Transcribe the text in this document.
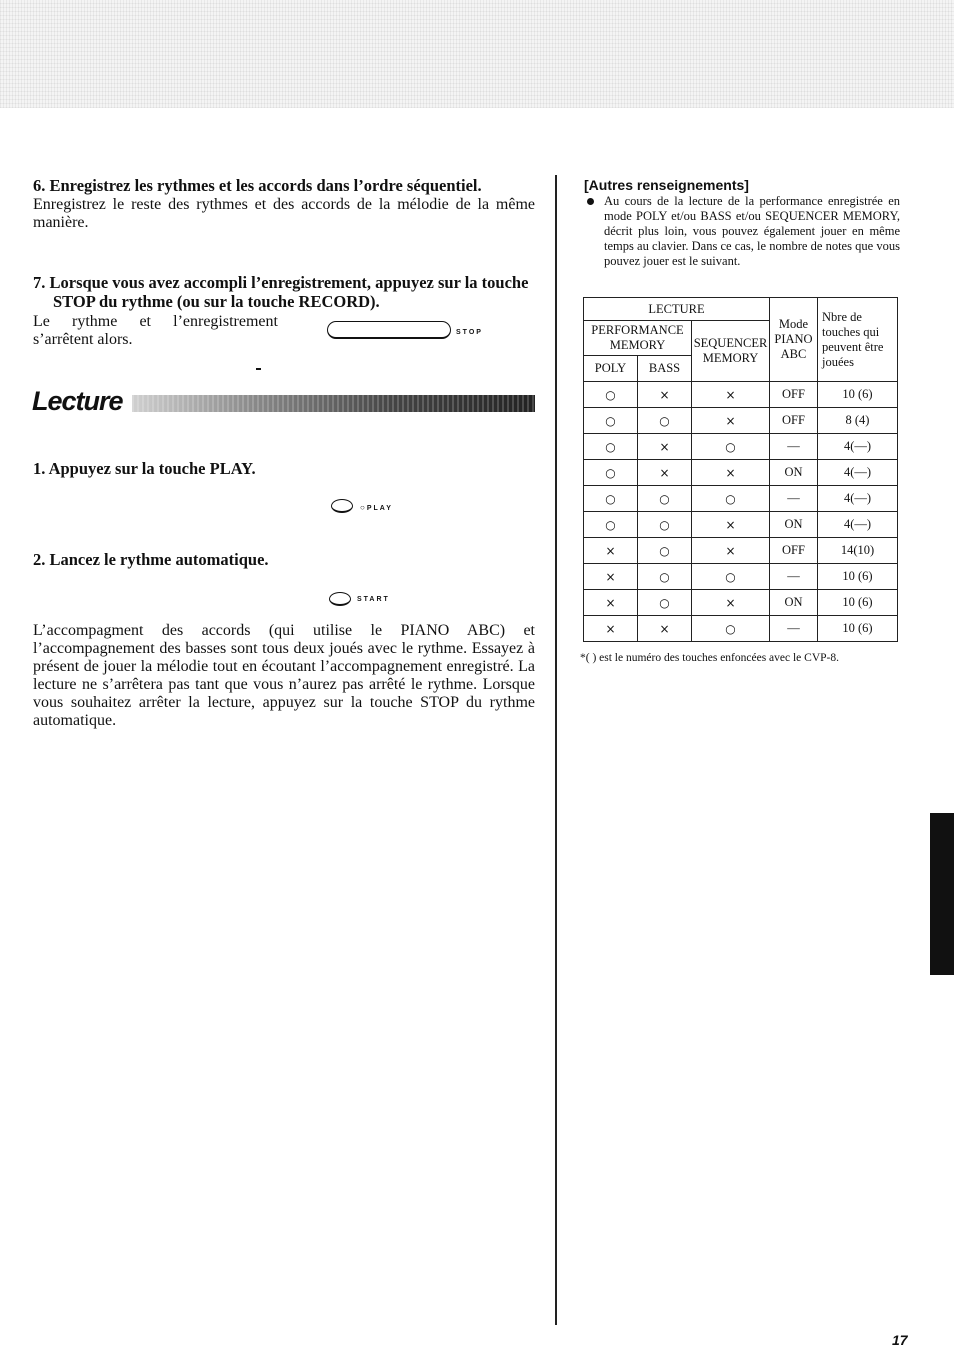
6. Enregistrez les rythmes et les accords dans l’ordre séquentiel.
Enregistrez le reste des rythmes et des accords de la mélodie de la même manière.
7. Lorsque vous avez accompli l’enregistrement, appuyez sur la touche STOP du rythme (ou sur la touche RECORD).
Le rythme et l’enregistrement
s’arrêtent alors.	STOP
Lecture
1. Appuyez sur la touche PLAY.
○PLAY
2. Lancez le rythme automatique.
START
L’accompagment des accords (qui utilise le PIANO ABC) et l’accompagnement des basses sont tous deux joués avec le rythme. Essayez à présent de jouer la mélodie tout en écoutant l’accompagnement enregistré. La lecture ne s’arrêtera pas tant que vous n’aurez pas arrêté le rythme. Lorsque vous souhaitez arrêter la lecture, appuyez sur la touche STOP du rythme automatique.
[Autres renseignements]
Au cours de la lecture de la performance enregistrée en mode POLY et/ou BASS et/ou SEQUENCER MEMORY, décrit plus loin, vous pouvez également jouer en même temps au clavier. Dans ce cas, le nombre de notes que vous pouvez jouer est le suivant.
LECTURE			Mode PIANO ABC	Nbre de touches qui peuvent être jouées
PERFORMANCE MEMORY		SEQUENCER MEMORY		
POLY	BASS			
○	×	×	OFF	10 (6)
○	○	×	OFF	8 (4)
○	×	○	—	4(—)
○	×	×	ON	4(—)
○	○	○	—	4(—)
○	○	×	ON	4(—)
×	○	×	OFF	14(10)
×	○	○	—	10 (6)
×	○	×	ON	10 (6)
×	×	○	—	10 (6)
*( ) est le numéro des touches enfoncées avec le CVP-8.
17
